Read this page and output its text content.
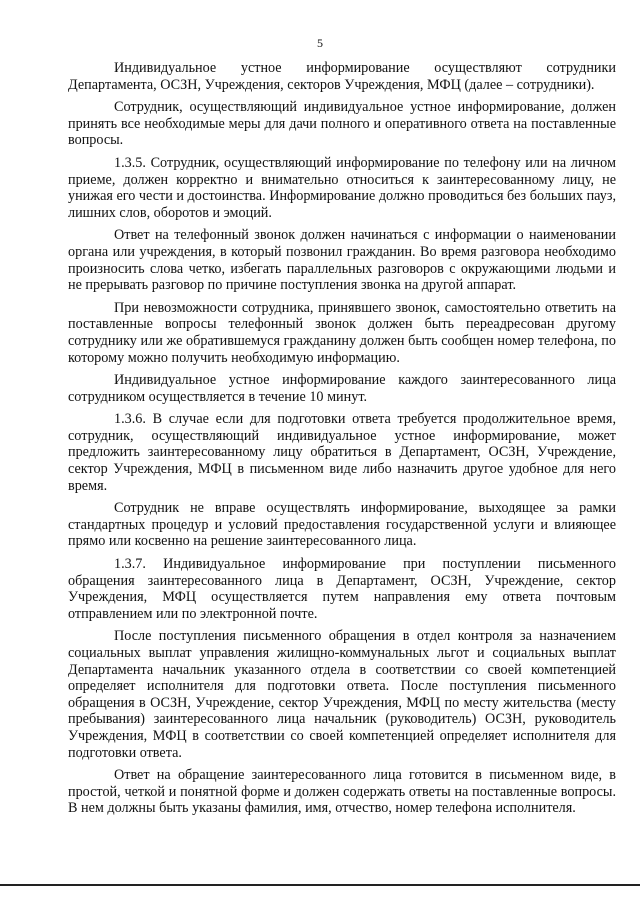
5

Индивидуальное устное информирование осуществляют сотрудники Департамента, ОСЗН, Учреждения, секторов Учреждения, МФЦ (далее – сотрудники).

Сотрудник, осуществляющий индивидуальное устное информирование, должен принять все необходимые меры для дачи полного и оперативного ответа на поставленные вопросы.

1.3.5. Сотрудник, осуществляющий информирование по телефону или на личном приеме, должен корректно и внимательно относиться к заинтересованному лицу, не унижая его чести и достоинства. Информирование должно проводиться без больших пауз, лишних слов, оборотов и эмоций.

Ответ на телефонный звонок должен начинаться с информации о наименовании органа или учреждения, в который позвонил гражданин. Во время разговора необходимо произносить слова четко, избегать параллельных разговоров с окружающими людьми и не прерывать разговор по причине поступления звонка на другой аппарат.

При невозможности сотрудника, принявшего звонок, самостоятельно ответить на поставленные вопросы телефонный звонок должен быть переадресован другому сотруднику или же обратившемуся гражданину должен быть сообщен номер телефона, по которому можно получить необходимую информацию.

Индивидуальное устное информирование каждого заинтересованного лица сотрудником осуществляется в течение 10 минут.

1.3.6. В случае если для подготовки ответа требуется продолжительное время, сотрудник, осуществляющий индивидуальное устное информирование, может предложить заинтересованному лицу обратиться в Департамент, ОСЗН, Учреждение, сектор Учреждения, МФЦ в письменном виде либо назначить другое удобное для него время.

Сотрудник не вправе осуществлять информирование, выходящее за рамки стандартных процедур и условий предоставления государственной услуги и влияющее прямо или косвенно на решение заинтересованного лица.

1.3.7. Индивидуальное информирование при поступлении письменного обращения заинтересованного лица в Департамент, ОСЗН, Учреждение, сектор Учреждения, МФЦ осуществляется путем направления ему ответа почтовым отправлением или по электронной почте.

После поступления письменного обращения в отдел контроля за назначением социальных выплат управления жилищно-коммунальных льгот и социальных выплат Департамента начальник указанного отдела в соответствии со своей компетенцией определяет исполнителя для подготовки ответа. После поступления письменного обращения в ОСЗН, Учреждение, сектор Учреждения, МФЦ по месту жительства (месту пребывания) заинтересованного лица начальник (руководитель) ОСЗН, руководитель Учреждения, МФЦ в соответствии со своей компетенцией определяет исполнителя для подготовки ответа.

Ответ на обращение заинтересованного лица готовится в письменном виде, в простой, четкой и понятной форме и должен содержать ответы на поставленные вопросы. В нем должны быть указаны фамилия, имя, отчество, номер телефона исполнителя.
